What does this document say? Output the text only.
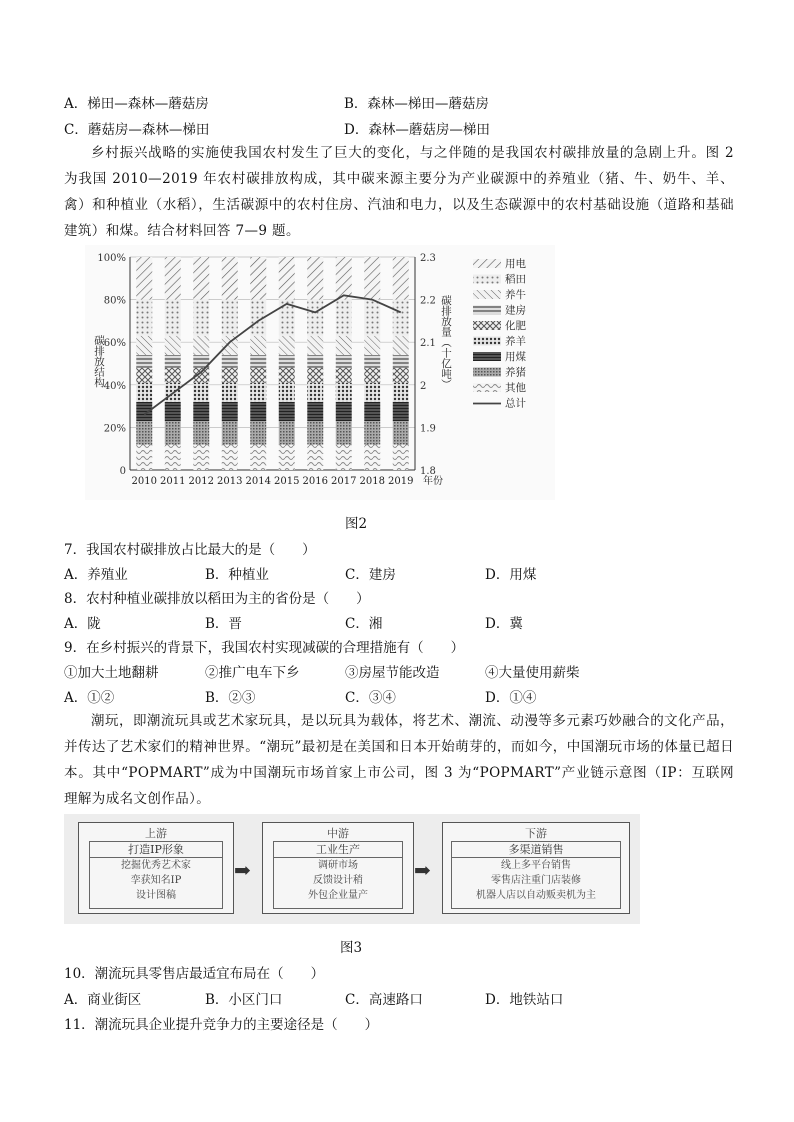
A．梯田—森林—蘑菇房	B．森林—梯田—蘑菇房
C．蘑菇房—森林—梯田	D．森林—蘑菇房—梯田
乡村振兴战略的实施使我国农村发生了巨大的变化，与之伴随的是我国农村碳排放量的急剧上升。图 2 为我国 2010—2019 年农村碳排放构成，其中碳来源主要分为产业碳源中的养殖业（猪、牛、奶牛、羊、禽）和种植业（水稻），生活碳源中的农村住房、汽油和电力，以及生态碳源中的农村基础设施（道路和基础建筑）和煤。结合材料回答 7—9 题。
用电
稻田
养牛
建房
化肥
养羊
用煤
养猪
其他
总计
0
20%
40%
60%
80%
100%
1.8
1.9
2
2.1
2.2
2.3
2010 2011 2012 2013 2014 2015 2016 2017 2018 2019
碳排放结构	碳排放量（十亿吨）
年份
图2
7．我国农村碳排放占比最大的是（　　）
A．养殖业	B．种植业	C．建房	D．用煤
8．农村种植业碳排放以稻田为主的省份是（　　）
A．陇	B．晋	C．湘	D．冀
9．在乡村振兴的背景下，我国农村实现减碳的合理措施有（　　）
①加大土地翻耕	②推广电车下乡	③房屋节能改造	④大量使用薪柴
A．①②	B．②③	C．③④	D．①④
潮玩，即潮流玩具或艺术家玩具，是以玩具为载体，将艺术、潮流、动漫等多元素巧妙融合的文化产品，并传达了艺术家们的精神世界。“潮玩”最初是在美国和日本开始萌芽的，而如今，中国潮玩市场的体量已超日本。其中“POPMART”成为中国潮玩市场首家上市公司，图 3 为“POPMART”产业链示意图（IP：互联网理解为成名文创作品）。
上游
打造IP形象
挖掘优秀艺术家
孪获知名IP
设计图稿
➡
中游
工业生产
调研市场
反馈设计稍
外包企业量产
➡
下游
多渠道销售
线上多平台销售
零售店注重门店装修
机器人店以自动贩卖机为主
图3
10．潮流玩具零售店最适宜布局在（　　）
A．商业街区	B．小区门口	C．高速路口	D．地铁站口
11．潮流玩具企业提升竞争力的主要途径是（　　）
